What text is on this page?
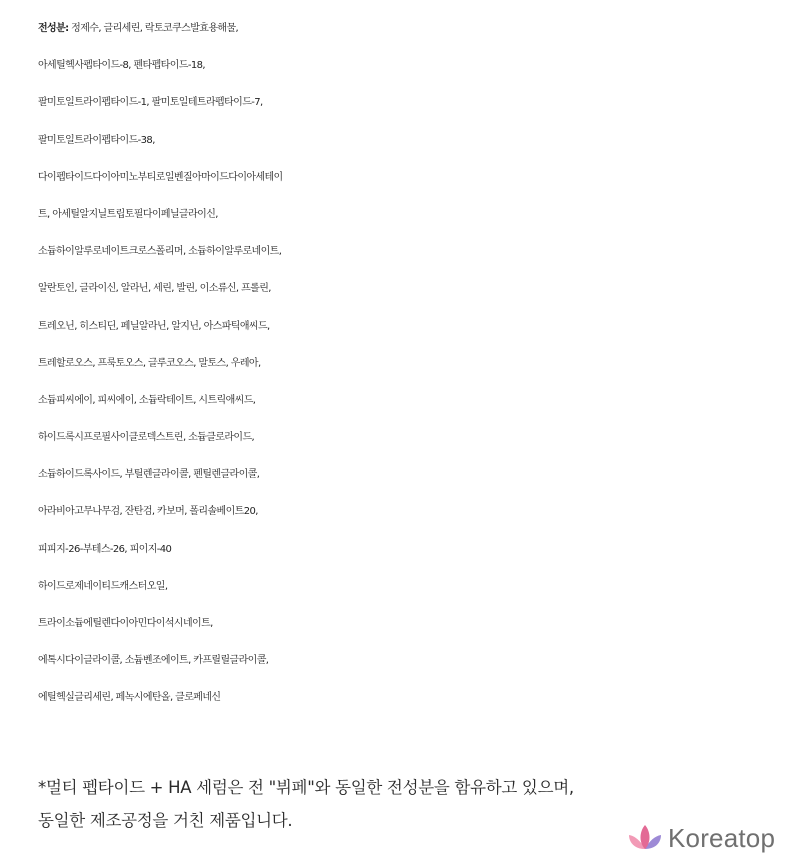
전성분: 정제수, 글리세린, 락토코쿠스발효용해물,
아세틸헥사펩타이드-8, 펜타펩타이드-18,
팔미토일트라이펩타이드-1, 팔미토일테트라펩타이드-7,
팔미토일트라이펩타이드-38,
다이펩타이드다이아미노부티로일벤질아마이드다이아세테이
트, 아세틸알지닐트립토필다이페닐글라이신,
소듐하이알루로네이트크로스폴리머, 소듐하이알루로네이트,
알란토인, 글라이신, 알라닌, 세린, 발린, 이소류신, 프롤린,
트레오닌, 히스티딘, 페닐알라닌, 알지닌, 아스파틱애씨드,
트레할로오스, 프룩토오스, 글루코오스, 말토스, 우레아,
소듐피씨에이, 피씨에이, 소듐락테이트, 시트릭애씨드,
하이드록시프로필사이클로덱스트린, 소듐클로라이드,
소듐하이드록사이드, 부틸렌글라이콜, 펜틸렌글라이콜,
아라비아고무나무검, 잔탄검, 카보머, 폴리솔베이트20,
피피지-26-부테스-26, 피이지-40
하이드로제네이티드캐스터오일,
트라이소듐에틸렌다이아민다이석시네이트,
에톡시다이글라이콜, 소듐벤조에이트, 카프릴릴글라이콜,
에틸헥실글리세린, 페녹시에탄올, 클로페네신
*멀티 펩타이드 + HA 세럼은 전 "뷔페"와 동일한 전성분을 함유하고 있으며,
동일한 제조공정을 거친 제품입니다.
Koreatop
